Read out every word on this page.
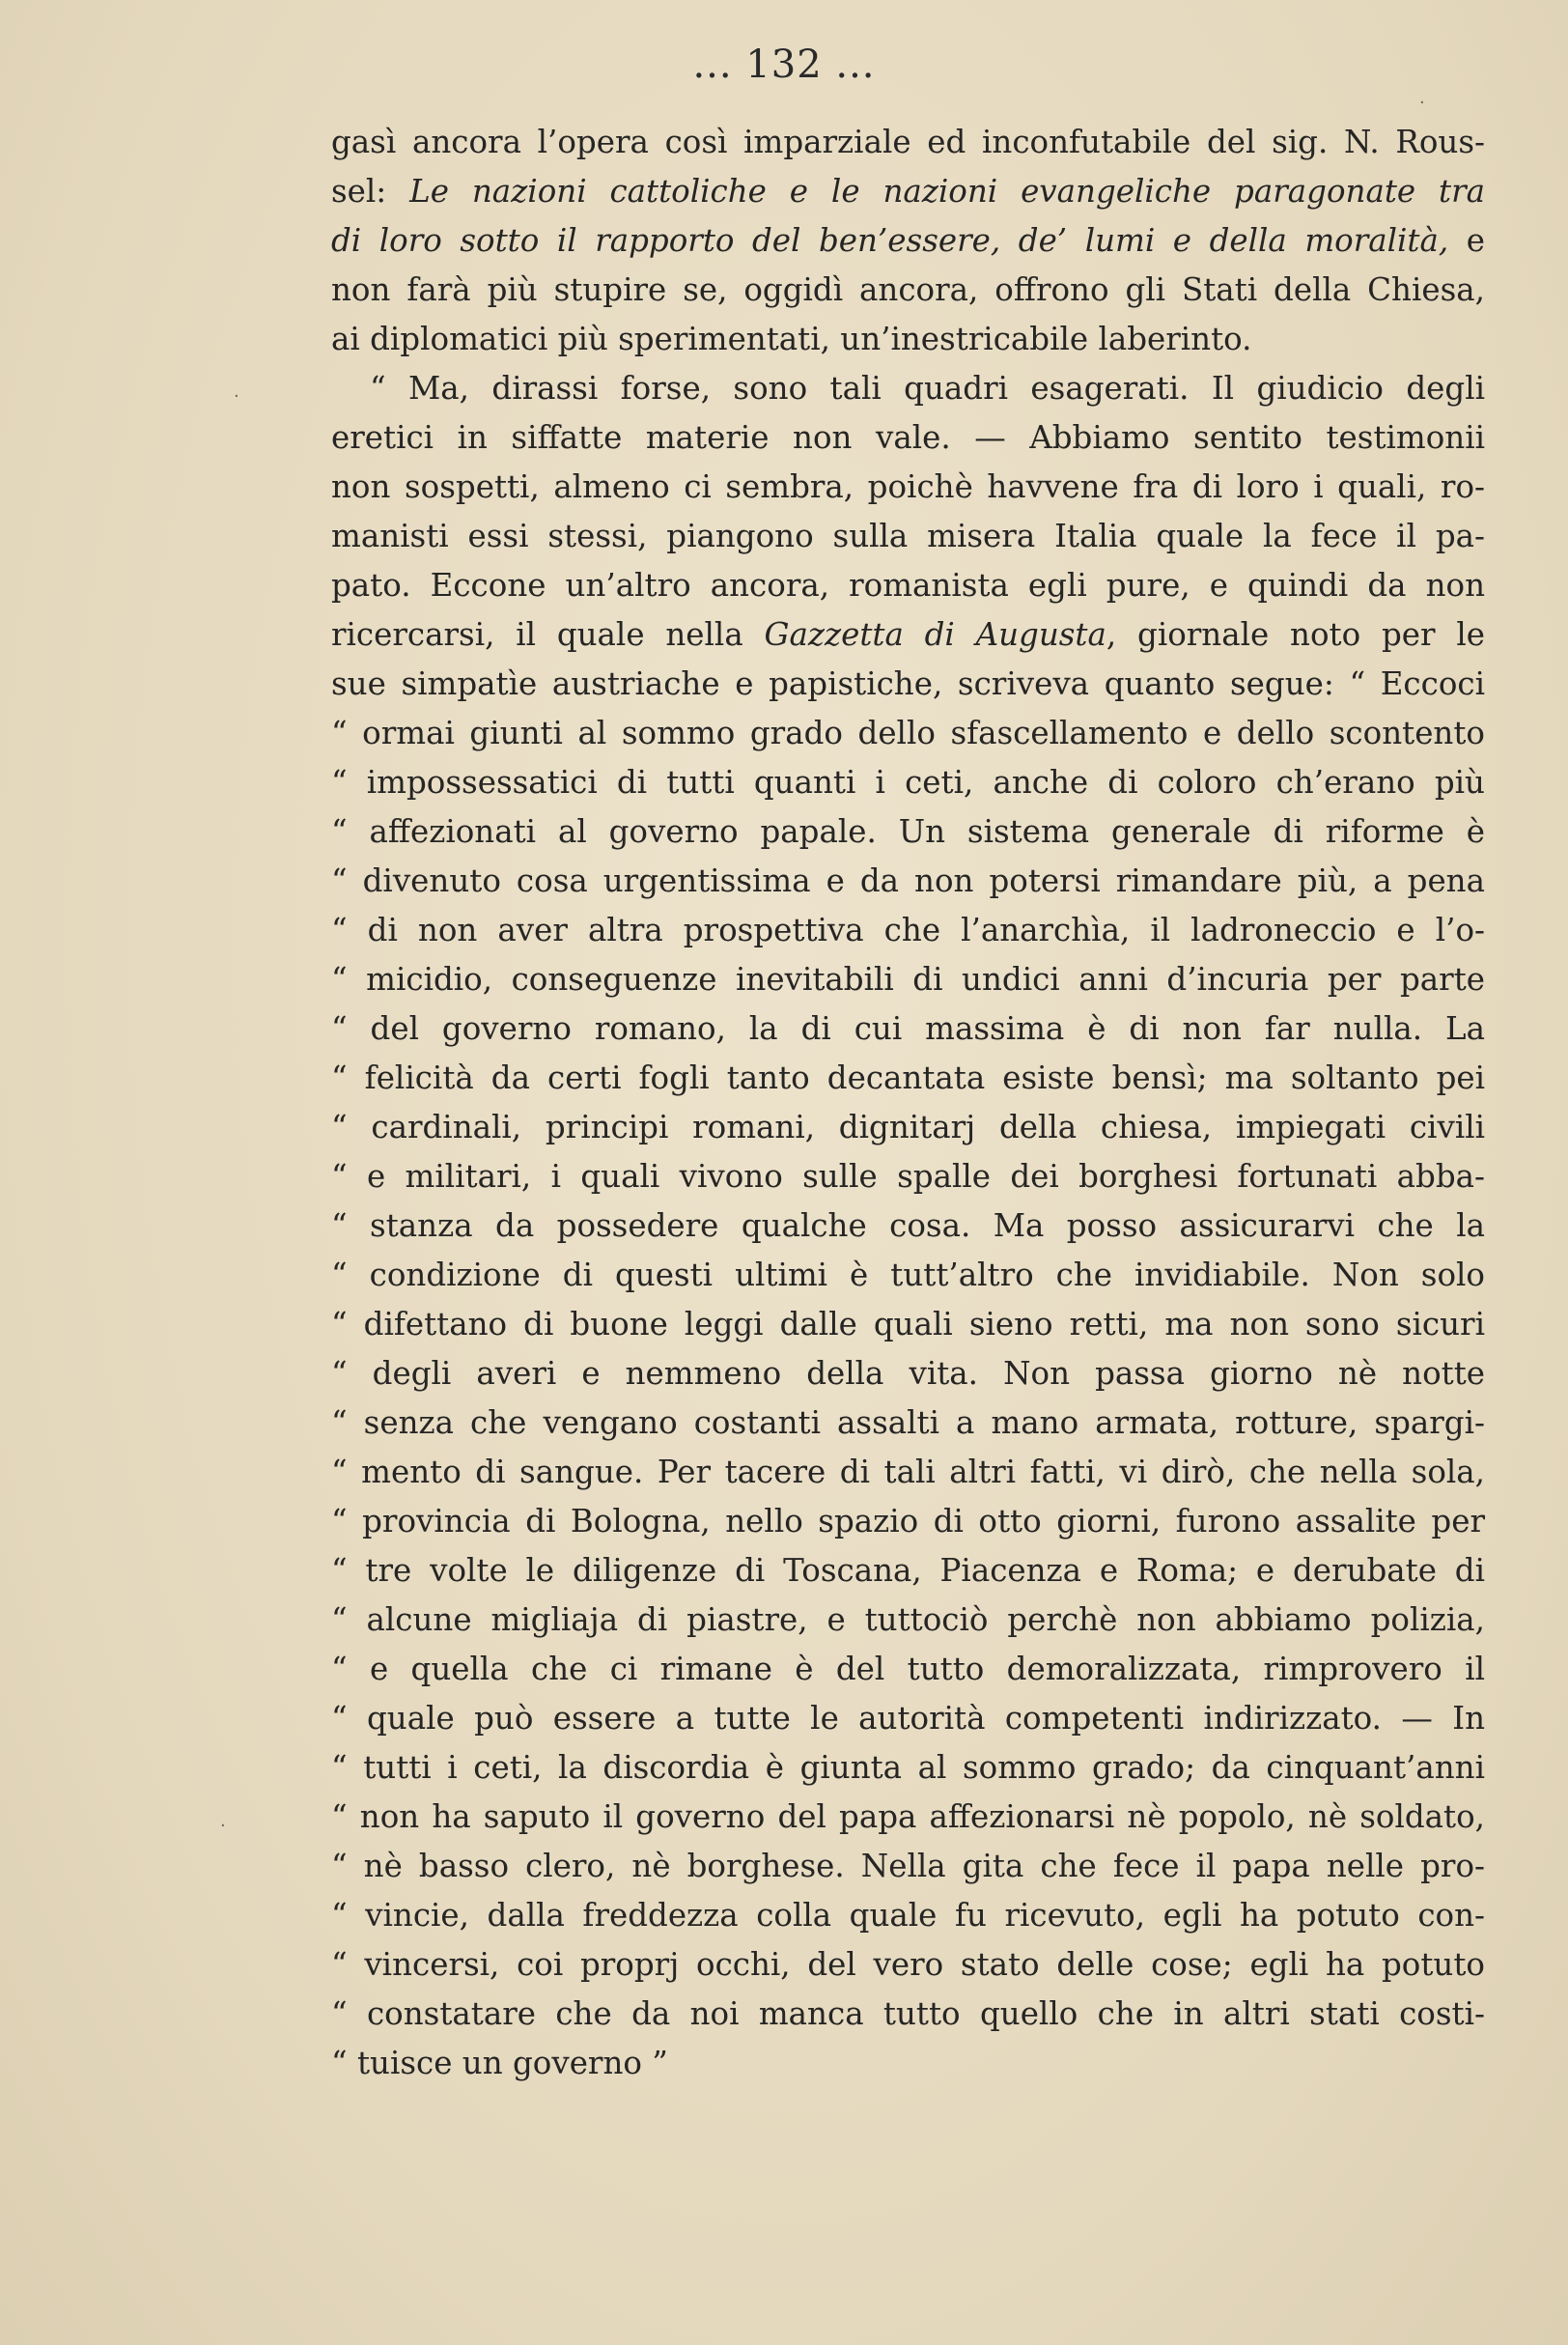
... 132 ...
gasì ancora l’opera così imparziale ed inconfutabile del sig. N. Rous-
sel: Le nazioni cattoliche e le nazioni evangeliche paragonate tra
di loro sotto il rapporto del ben’essere, de’ lumi e della moralità, e
non farà più stupire se, oggidì ancora, offrono gli Stati della Chiesa,
ai diplomatici più sperimentati, un’inestricabile laberinto.
“ Ma, dirassi forse, sono tali quadri esagerati. Il giudicio degli
eretici in siffatte materie non vale. — Abbiamo sentito testimonii
non sospetti, almeno ci sembra, poichè havvene fra di loro i quali, ro-
manisti essi stessi, piangono sulla misera Italia quale la fece il pa-
pato. Eccone un’altro ancora, romanista egli pure, e quindi da non
ricercarsi, il quale nella Gazzetta di Augusta, giornale noto per le
sue simpatìe austriache e papistiche, scriveva quanto segue: “ Eccoci
“ ormai giunti al sommo grado dello sfascellamento e dello scontento
“ impossessatici di tutti quanti i ceti, anche di coloro ch’erano più
“ affezionati al governo papale. Un sistema generale di riforme è
“ divenuto cosa urgentissima e da non potersi rimandare più, a pena
“ di non aver altra prospettiva che l’anarchìa, il ladroneccio e l’o-
“ micidio, conseguenze inevitabili di undici anni d’incuria per parte
“ del governo romano, la di cui massima è di non far nulla. La
“ felicità da certi fogli tanto decantata esiste bensì; ma soltanto pei
“ cardinali, principi romani, dignitarj della chiesa, impiegati civili
“ e militari, i quali vivono sulle spalle dei borghesi fortunati abba-
“ stanza da possedere qualche cosa. Ma posso assicurarvi che la
“ condizione di questi ultimi è tutt’altro che invidiabile. Non solo
“ difettano di buone leggi dalle quali sieno retti, ma non sono sicuri
“ degli averi e nemmeno della vita. Non passa giorno nè notte
“ senza che vengano costanti assalti a mano armata, rotture, spargi-
“ mento di sangue. Per tacere di tali altri fatti, vi dirò, che nella sola,
“ provincia di Bologna, nello spazio di otto giorni, furono assalite per
“ tre volte le diligenze di Toscana, Piacenza e Roma; e derubate di
“ alcune migliaja di piastre, e tuttociò perchè non abbiamo polizia,
“ e quella che ci rimane è del tutto demoralizzata, rimprovero il
“ quale può essere a tutte le autorità competenti indirizzato. — In
“ tutti i ceti, la discordia è giunta al sommo grado; da cinquant’anni
“ non ha saputo il governo del papa affezionarsi nè popolo, nè soldato,
“ nè basso clero, nè borghese. Nella gita che fece il papa nelle pro-
“ vincie, dalla freddezza colla quale fu ricevuto, egli ha potuto con-
“ vincersi, coi proprj occhi, del vero stato delle cose; egli ha potuto
“ constatare che da noi manca tutto quello che in altri stati costi-
“ tuisce un governo ”
·
·
·
